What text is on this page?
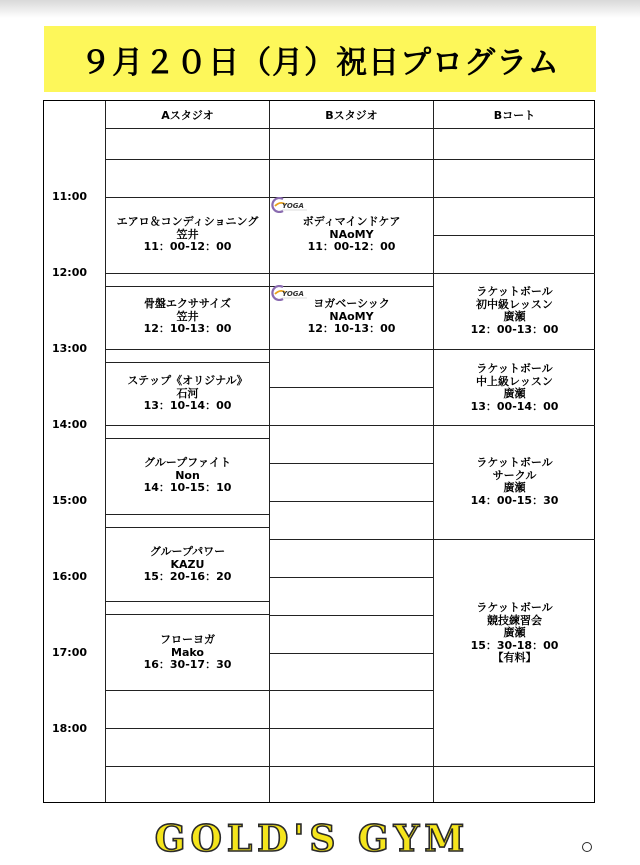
９月２０日（月）祝日プログラム
Aスタジオ	Bスタジオ	Bコート
11:00
12:00
13:00
14:00
15:00
16:00
17:00
18:00
エアロ＆コンディショニング
笠井
11：00-12：00
骨盤エクササイズ
笠井
12：10-13：00
ステップ《オリジナル》
石河
13：10-14：00
グループファイト
Non
14：10-15：10
グループパワー
KAZU
15：20-16：20
フローヨガ
Mako
16：30-17：30
YOGA
ボディマインドケア
NAoMY
11：00-12：00
YOGA
ヨガベーシック
NAoMY
12：10-13：00
ラケットボール
初中級レッスン
廣瀬
12：00-13：00
ラケットボール
中上級レッスン
廣瀬
13：00-14：00
ラケットボール
サークル
廣瀬
14：00-15：30
ラケットボール
競技練習会
廣瀬
15：30-18：00
【有料】
GOLD'S GYM
